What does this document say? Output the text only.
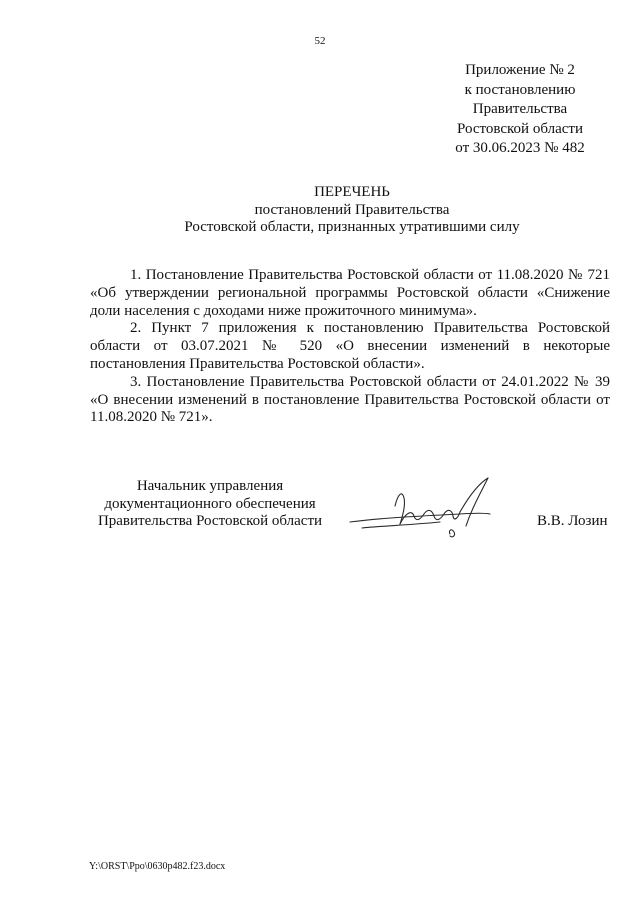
52
Приложение № 2
к постановлению
Правительства
Ростовской области
от 30.06.2023 № 482
ПЕРЕЧЕНЬ
постановлений Правительства
Ростовской области, признанных утратившими силу

1. Постановление Правительства Ростовской области от 11.08.2020 № 721 «Об утверждении региональной программы Ростовской области «Снижение доли населения с доходами ниже прожиточного минимума».

2. Пункт 7 приложения к постановлению Правительства Ростовской области от 03.07.2021 № 520 «О внесении изменений в некоторые постановления Правительства Ростовской области».

3. Постановление Правительства Ростовской области от 24.01.2022 № 39 «О внесении изменений в постановление Правительства Ростовской области от 11.08.2020 № 721».

Начальник управления
документационного обеспечения
Правительства Ростовской области	В.В. Лозин
Y:\ORST\Ppo\0630p482.f23.docx
